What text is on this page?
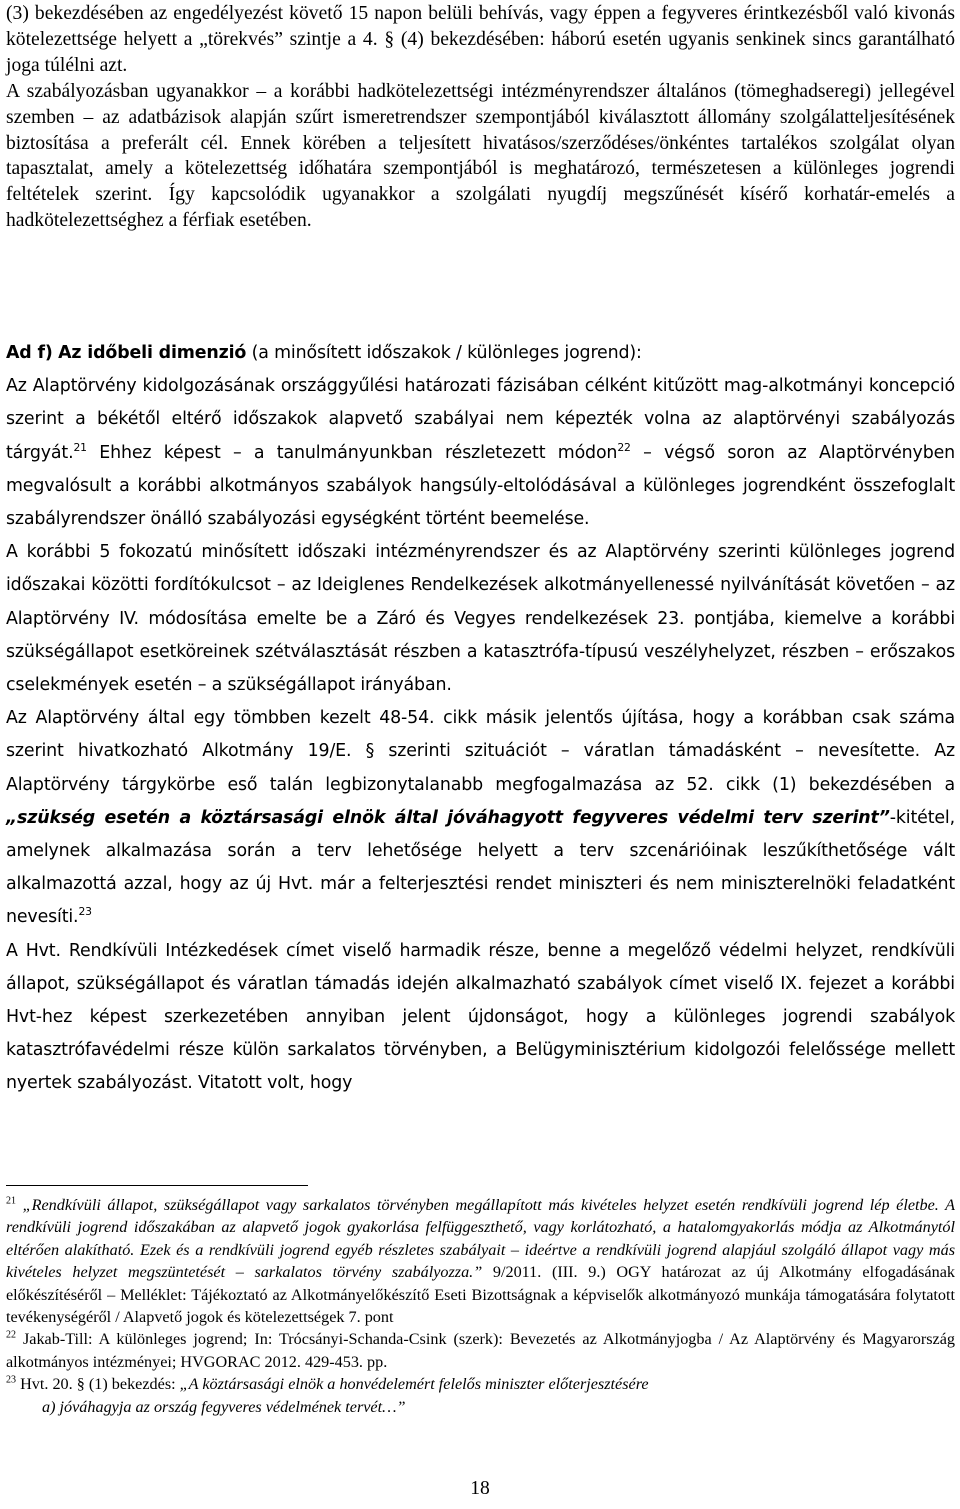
(3) bekezdésében az engedélyezést követő 15 napon belüli behívás, vagy éppen a fegyveres érintkezésből való kivonás kötelezettsége helyett a „törekvés” szintje a 4. § (4) bekezdésében: háború esetén ugyanis senkinek sincs garantálható joga túlélni azt.

A szabályozásban ugyanakkor – a korábbi hadkötelezettségi intézményrendszer általános (tömeghadseregi) jellegével szemben – az adatbázisok alapján szűrt ismeretrendszer szempontjából kiválasztott állomány szolgálatteljesítésének biztosítása a preferált cél. Ennek körében a teljesített hivatásos/szerződéses/önkéntes tartalékos szolgálat olyan tapasztalat, amely a kötelezettség időhatára szempontjából is meghatározó, természetesen a különleges jogrendi feltételek szerint. Így kapcsolódik ugyanakkor a szolgálati nyugdíj megszűnését kísérő korhatár-emelés a hadkötelezettséghez a férfiak esetében.

Ad f) Az időbeli dimenzió (a minősített időszakok / különleges jogrend):

Az Alaptörvény kidolgozásának országgyűlési határozati fázisában célként kitűzött mag-alkotmányi koncepció szerint a békétől eltérő időszakok alapvető szabályai nem képezték volna az alaptörvényi szabályozás tárgyát.$^{21}$ Ehhez képest – a tanulmányunkban részletezett módon$^{22}$ – végső soron az Alaptörvényben megvalósult a korábbi alkotmányos szabályok hangsúly-eltolódásával a különleges jogrendként összefoglalt szabályrendszer önálló szabályozási egységként történt beemelése.

A korábbi 5 fokozatú minősített időszaki intézményrendszer és az Alaptörvény szerinti különleges jogrend időszakai közötti fordítókulcsot – az Ideiglenes Rendelkezések alkotmányellenessé nyilvánítását követően – az Alaptörvény IV. módosítása emelte be a Záró és Vegyes rendelkezések 23. pontjába, kiemelve a korábbi szükségállapot esetköreinek szétválasztását részben a katasztrófa-típusú veszélyhelyzet, részben – erőszakos cselekmények esetén – a szükségállapot irányában.

Az Alaptörvény által egy tömbben kezelt 48-54. cikk másik jelentős újítása, hogy a korábban csak száma szerint hivatkozható Alkotmány 19/E. § szerinti szituációt – váratlan támadásként – nevesítette. Az Alaptörvény tárgykörbe eső talán legbizonytalanabb megfogalmazása az 52. cikk (1) bekezdésében a „szükség esetén a köztársasági elnök által jóváhagyott fegyveres védelmi terv szerint”-kitétel, amelynek alkalmazása során a terv lehetősége helyett a terv szcenárióinak leszűkíthetősége vált alkalmazottá azzal, hogy az új Hvt. már a felterjesztési rendet miniszteri és nem miniszterelnöki feladatként nevesíti.$^{23}$

A Hvt. Rendkívüli Intézkedések címet viselő harmadik része, benne a megelőző védelmi helyzet, rendkívüli állapot, szükségállapot és váratlan támadás idején alkalmazható szabályok címet viselő IX. fejezet a korábbi Hvt-hez képest szerkezetében annyiban jelent újdonságot, hogy a különleges jogrendi szabályok katasztrófavédelmi része külön sarkalatos törvényben, a Belügyminisztérium kidolgozói felelőssége mellett nyertek szabályozást. Vitatott volt, hogy

$^{21}$ „Rendkívüli állapot, szükségállapot vagy sarkalatos törvényben megállapított más kivételes helyzet esetén rendkívüli jogrend lép életbe. A rendkívüli jogrend időszakában az alapvető jogok gyakorlása felfüggeszthető, vagy korlátozható, a hatalomgyakorlás módja az Alkotmánytól eltérően alakítható. Ezek és a rendkívüli jogrend egyéb részletes szabályait – ideértve a rendkívüli jogrend alapjául szolgáló állapot vagy más kivételes helyzet megszüntetését – sarkalatos törvény szabályozza.” 9/2011. (III. 9.) OGY határozat az új Alkotmány elfogadásának előkészítéséről – Melléklet: Tájékoztató az Alkotmányelőkészítő Eseti Bizottságnak a képviselők alkotmányozó munkája támogatására folytatott tevékenységéről / Alapvető jogok és kötelezettségek 7. pont

$^{22}$ Jakab-Till: A különleges jogrend; In: Trócsányi-Schanda-Csink (szerk): Bevezetés az Alkotmányjogba / Az Alaptörvény és Magyarország alkotmányos intézményei; HVGORAC 2012. 429-453. pp.

$^{23}$ Hvt. 20. § (1) bekezdés: „A köztársasági elnök a honvédelemért felelős miniszter előterjesztésére

a) jóváhagyja az ország fegyveres védelmének tervét…”

18
